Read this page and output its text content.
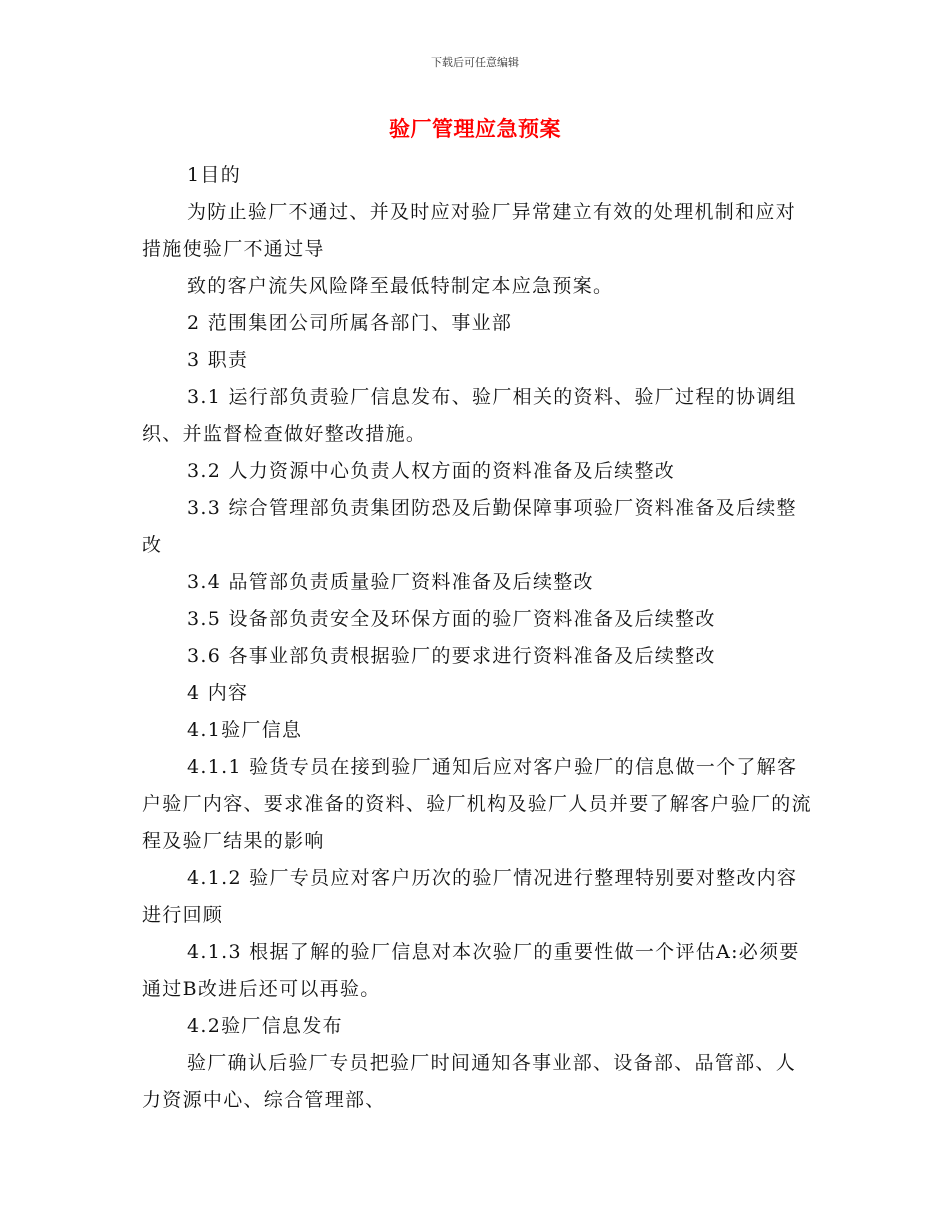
下载后可任意编辑
验厂管理应急预案

1目的

为防止验厂不通过、并及时应对验厂异常建立有效的处理机制和应对措施使验厂不通过导

致的客户流失风险降至最低特制定本应急预案。

2 范围集团公司所属各部门、事业部

3 职责

3.1 运行部负责验厂信息发布、验厂相关的资料、验厂过程的协调组织、并监督检查做好整改措施。

3.2 人力资源中心负责人权方面的资料准备及后续整改

3.3 综合管理部负责集团防恐及后勤保障事项验厂资料准备及后续整改

3.4 品管部负责质量验厂资料准备及后续整改

3.5 设备部负责安全及环保方面的验厂资料准备及后续整改

3.6 各事业部负责根据验厂的要求进行资料准备及后续整改

4 内容

4.1验厂信息

4.1.1 验货专员在接到验厂通知后应对客户验厂的信息做一个了解客户验厂内容、要求准备的资料、验厂机构及验厂人员并要了解客户验厂的流程及验厂结果的影响

4.1.2 验厂专员应对客户历次的验厂情况进行整理特别要对整改内容进行回顾

4.1.3 根据了解的验厂信息对本次验厂的重要性做一个评估A:必须要通过B改进后还可以再验。

4.2验厂信息发布

验厂确认后验厂专员把验厂时间通知各事业部、设备部、品管部、人力资源中心、综合管理部、
